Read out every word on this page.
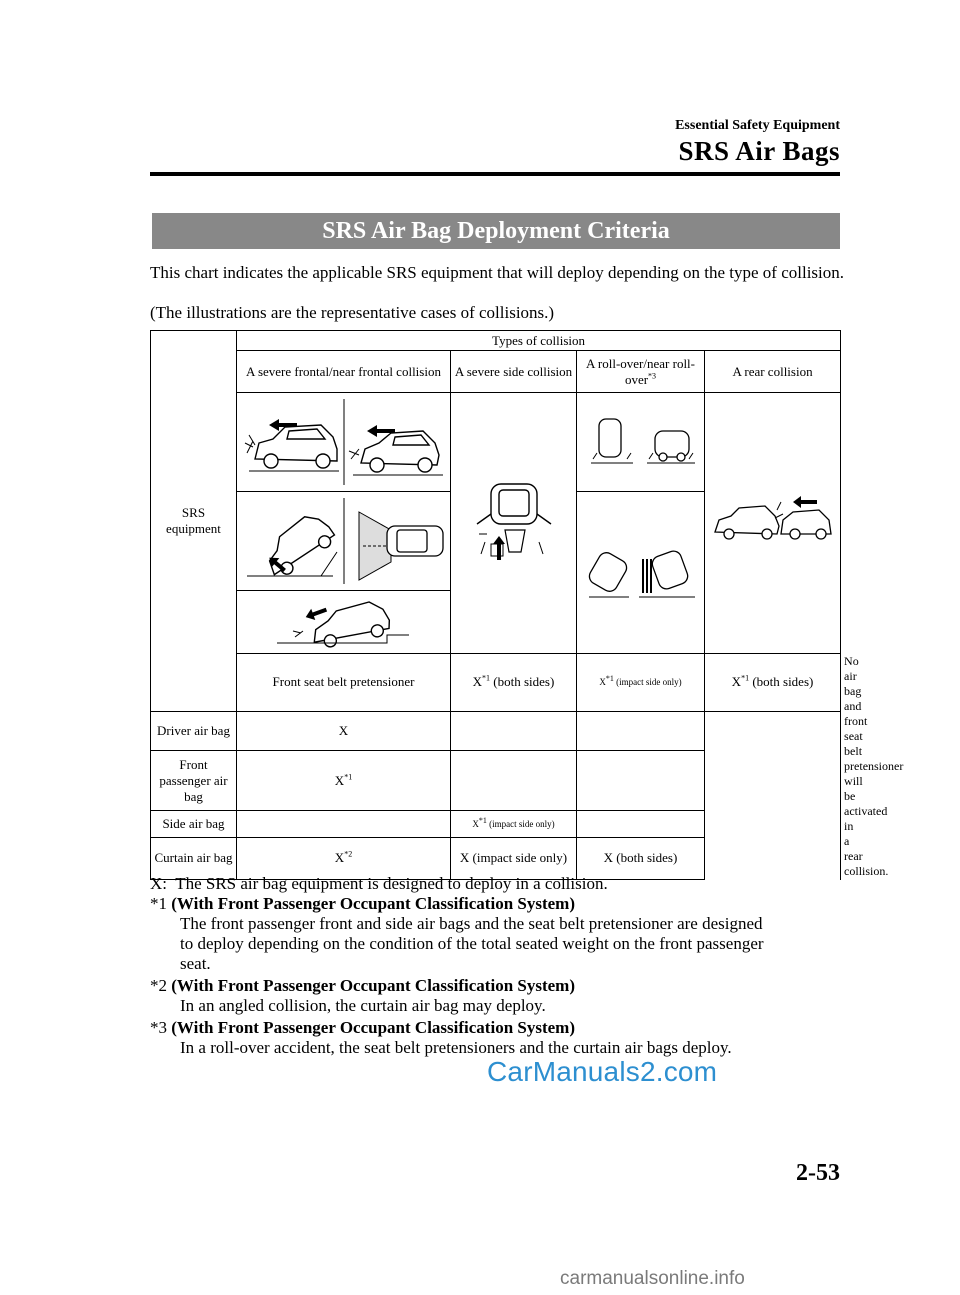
Essential Safety Equipment
SRS Air Bags
SRS Air Bag Deployment Criteria
This chart indicates the applicable SRS equipment that will deploy depending on the type of collision.
(The illustrations are the representative cases of collisions.)
SRS equipment	Types of collision				
	A severe frontal/near frontal collision	A severe side collision	A roll-over/near roll-over$^{*3}$	A rear collision	

	Front seat belt pretensioner	$X^{*1}$ (both sides)	$X^{*1}$ (impact side only)	$X^{*1}$ (both sides)	No air bag and front seat belt pretensioner will be activated in a rear collision.
Driver air bag	X				
Front passenger air bag	$X^{*1}$		
Side air bag		$X^{*1}$ (impact side only)			
Curtain air bag	$X^{*2}$	X (impact side only)	X (both sides)		
X: The SRS air bag equipment is designed to deploy in a collision.
*1 (With Front Passenger Occupant Classification System)
The front passenger front and side air bags and the seat belt pretensioner are designed
to deploy depending on the condition of the total seated weight on the front passenger
seat.
*2 (With Front Passenger Occupant Classification System)
In an angled collision, the curtain air bag may deploy.
*3 (With Front Passenger Occupant Classification System)
In a roll-over accident, the seat belt pretensioners and the curtain air bags deploy.
CarManuals2.com
2-53
carmanualsonline.info
